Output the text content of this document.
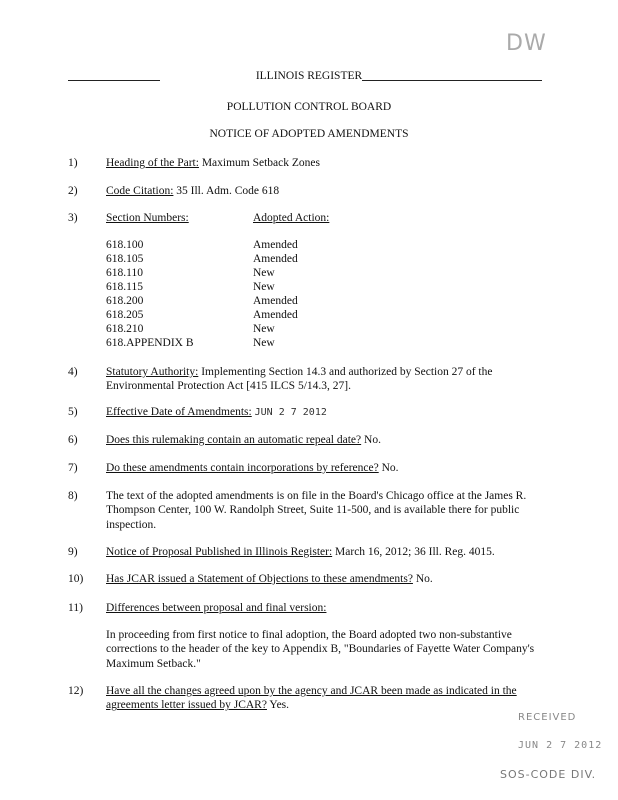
DW
ILLINOIS REGISTER
POLLUTION CONTROL BOARD
NOTICE OF ADOPTED AMENDMENTS
1)	Heading of the Part: Maximum Setback Zones
2)	Code Citation: 35 Ill. Adm. Code 618
3)	Section Numbers:	Adopted Action:
618.100	Amended
618.105	Amended
618.110	New
618.115	New
618.200	Amended
618.205	Amended
618.210	New
618.APPENDIX B	New
4)	Statutory Authority: Implementing Section 14.3 and authorized by Section 27 of the Environmental Protection Act [415 ILCS 5/14.3, 27].
5)	Effective Date of Amendments: JUN 2 7 2012
6)	Does this rulemaking contain an automatic repeal date? No.
7)	Do these amendments contain incorporations by reference? No.
8)	The text of the adopted amendments is on file in the Board's Chicago office at the James R. Thompson Center, 100 W. Randolph Street, Suite 11-500, and is available there for public inspection.
9)	Notice of Proposal Published in Illinois Register: March 16, 2012; 36 Ill. Reg. 4015.
10)	Has JCAR issued a Statement of Objections to these amendments? No.
11)	Differences between proposal and final version:
In proceeding from first notice to final adoption, the Board adopted two non-substantive corrections to the header of the key to Appendix B, "Boundaries of Fayette Water Company's Maximum Setback."
12)	Have all the changes agreed upon by the agency and JCAR been made as indicated in the agreements letter issued by JCAR? Yes.
RECEIVED
JUN 2 7 2012
SOS-CODE DIV.
